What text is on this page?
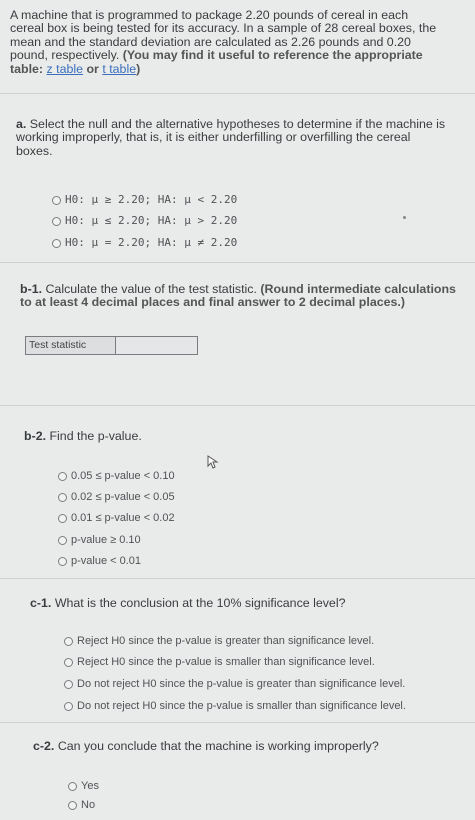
A machine that is programmed to package 2.20 pounds of cereal in each
cereal box is being tested for its accuracy. In a sample of 28 cereal boxes, the
mean and the standard deviation are calculated as 2.26 pounds and 0.20
pound, respectively. (You may find it useful to reference the appropriate
table: z table or t table)
a. Select the null and the alternative hypotheses to determine if the machine is
working improperly, that is, it is either underfilling or overfilling the cereal
boxes.
H0: μ ≥ 2.20; HA: μ < 2.20
H0: μ ≤ 2.20; HA: μ > 2.20
H0: μ = 2.20; HA: μ ≠ 2.20
b-1. Calculate the value of the test statistic. (Round intermediate calculations
to at least 4 decimal places and final answer to 2 decimal places.)
Test statistic
b-2. Find the p-value.
0.05 ≤ p-value < 0.10
0.02 ≤ p-value < 0.05
0.01 ≤ p-value < 0.02
p-value ≥ 0.10
p-value < 0.01
c-1. What is the conclusion at the 10% significance level?
Reject H0 since the p-value is greater than significance level.
Reject H0 since the p-value is smaller than significance level.
Do not reject H0 since the p-value is greater than significance level.
Do not reject H0 since the p-value is smaller than significance level.
c-2. Can you conclude that the machine is working improperly?
Yes
No
